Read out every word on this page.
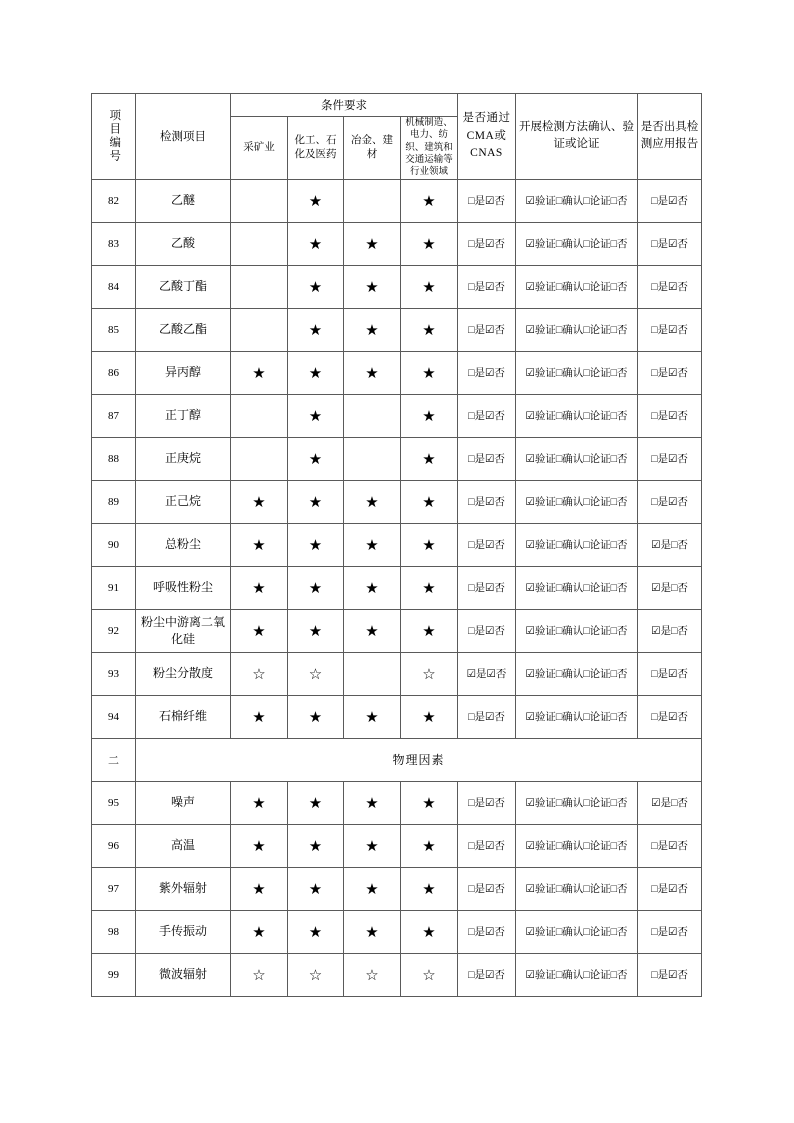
项目编号	检测项目	条件要求				是否通过CMA或CNAS	开展检测方法确认、验证或论证	是否出具检测应用报告
		采矿业	化工、石化及医药	冶金、建材	机械制造、电力、纺织、建筑和交通运输等行业领域			
82	乙醚		★		★	□是☑否	☑验证□确认□论证□否	□是☑否
83	乙酸		★	★	★	□是☑否	☑验证□确认□论证□否	□是☑否
84	乙酸丁酯		★	★	★	□是☑否	☑验证□确认□论证□否	□是☑否
85	乙酸乙酯		★	★	★	□是☑否	☑验证□确认□论证□否	□是☑否
86	异丙醇	★	★	★	★	□是☑否	☑验证□确认□论证□否	□是☑否
87	正丁醇		★		★	□是☑否	☑验证□确认□论证□否	□是☑否
88	正庚烷		★		★	□是☑否	☑验证□确认□论证□否	□是☑否
89	正己烷	★	★	★	★	□是☑否	☑验证□确认□论证□否	□是☑否
90	总粉尘	★	★	★	★	□是☑否	☑验证□确认□论证□否	☑是□否
91	呼吸性粉尘	★	★	★	★	□是☑否	☑验证□确认□论证□否	☑是□否
92	粉尘中游离二氧化硅	★	★	★	★	□是☑否	☑验证□确认□论证□否	☑是□否
93	粉尘分散度	☆	☆		☆	☑是☑否	☑验证□确认□论证□否	□是☑否
94	石棉纤维	★	★	★	★	□是☑否	☑验证□确认□论证□否	□是☑否
二	物理因素							
95	噪声	★	★	★	★	□是☑否	☑验证□确认□论证□否	☑是□否
96	高温	★	★	★	★	□是☑否	☑验证□确认□论证□否	□是☑否
97	紫外辐射	★	★	★	★	□是☑否	☑验证□确认□论证□否	□是☑否
98	手传振动	★	★	★	★	□是☑否	☑验证□确认□论证□否	□是☑否
99	微波辐射	☆	☆	☆	☆	□是☑否	☑验证□确认□论证□否	□是☑否
